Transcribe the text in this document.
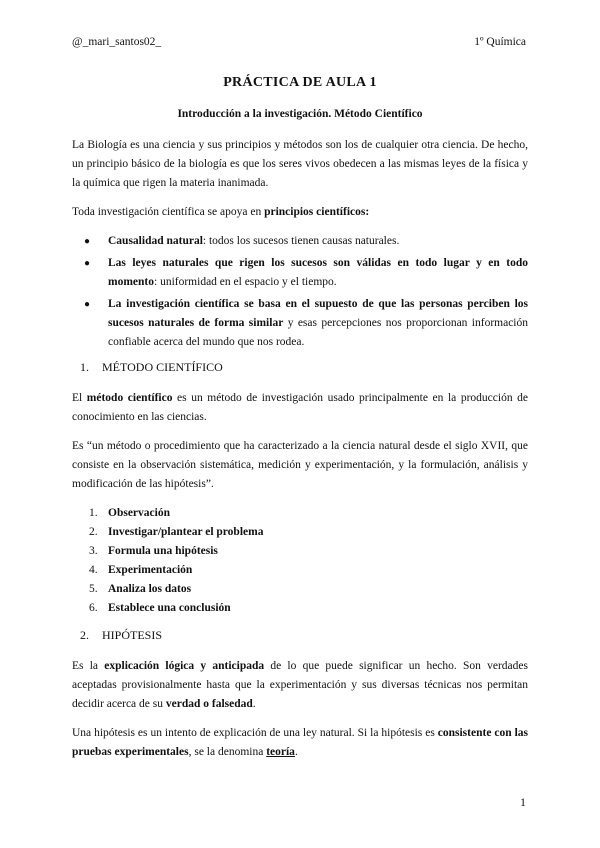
@_mari_santos02_	1º Química
PRÁCTICA DE AULA 1
Introducción a la investigación. Método Científico

La Biología es una ciencia y sus principios y métodos son los de cualquier otra ciencia. De hecho, un principio básico de la biología es que los seres vivos obedecen a las mismas leyes de la física y la química que rigen la materia inanimada.

Toda investigación científica se apoya en principios científicos:

● Causalidad natural: todos los sucesos tienen causas naturales.
● Las leyes naturales que rigen los sucesos son válidas en todo lugar y en todo momento: uniformidad en el espacio y el tiempo.
● La investigación científica se basa en el supuesto de que las personas perciben los sucesos naturales de forma similar y esas percepciones nos proporcionan información confiable acerca del mundo que nos rodea.
1. MÉTODO CIENTÍFICO

El método científico es un método de investigación usado principalmente en la producción de conocimiento en las ciencias.

Es “un método o procedimiento que ha caracterizado a la ciencia natural desde el siglo XVII, que consiste en la observación sistemática, medición y experimentación, y la formulación, análisis y modificación de las hipótesis”.

1. Observación
2. Investigar/plantear el problema
3. Formula una hipótesis
4. Experimentación
5. Analiza los datos
6. Establece una conclusión
2. HIPÓTESIS

Es la explicación lógica y anticipada de lo que puede significar un hecho. Son verdades aceptadas provisionalmente hasta que la experimentación y sus diversas técnicas nos permitan decidir acerca de su verdad o falsedad.

Una hipótesis es un intento de explicación de una ley natural. Si la hipótesis es consistente con las pruebas experimentales, se la denomina teoría.

1
